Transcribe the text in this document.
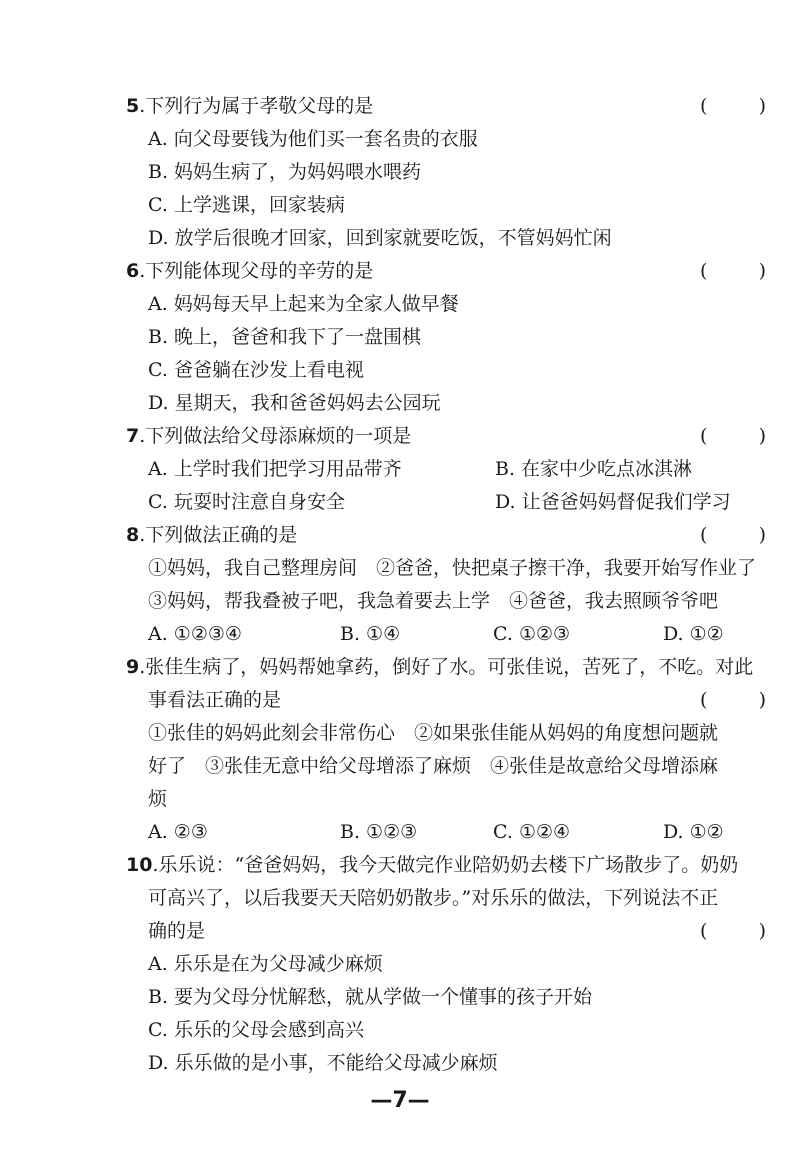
5.下列行为属于孝敬父母的是	(	)
A. 向父母要钱为他们买一套名贵的衣服
B. 妈妈生病了，为妈妈喂水喂药
C. 上学逃课，回家装病
D. 放学后很晚才回家，回到家就要吃饭，不管妈妈忙闲
6.下列能体现父母的辛劳的是	(	)
A. 妈妈每天早上起来为全家人做早餐
B. 晚上，爸爸和我下了一盘围棋
C. 爸爸躺在沙发上看电视
D. 星期天，我和爸爸妈妈去公园玩
7.下列做法给父母添麻烦的一项是	(	)
A. 上学时我们把学习用品带齐	B. 在家中少吃点冰淇淋
C. 玩耍时注意自身安全	D. 让爸爸妈妈督促我们学习
8.下列做法正确的是	(	)
①妈妈，我自己整理房间　②爸爸，快把桌子擦干净，我要开始写作业了
③妈妈，帮我叠被子吧，我急着要去上学　④爸爸，我去照顾爷爷吧
A. ①②③④	B. ①④	C. ①②③	D. ①②
9.张佳生病了，妈妈帮她拿药，倒好了水。可张佳说，苦死了，不吃。对此
事看法正确的是	(	)
①张佳的妈妈此刻会非常伤心　②如果张佳能从妈妈的角度想问题就
好了　③张佳无意中给父母增添了麻烦　④张佳是故意给父母增添麻
烦
A. ②③	B. ①②③	C. ①②④	D. ①②
10.乐乐说：“爸爸妈妈，我今天做完作业陪奶奶去楼下广场散步了。奶奶
可高兴了，以后我要天天陪奶奶散步。”对乐乐的做法，下列说法不正
确的是	(	)
A. 乐乐是在为父母减少麻烦
B. 要为父母分忧解愁，就从学做一个懂事的孩子开始
C. 乐乐的父母会感到高兴
D. 乐乐做的是小事，不能给父母减少麻烦
—7—
